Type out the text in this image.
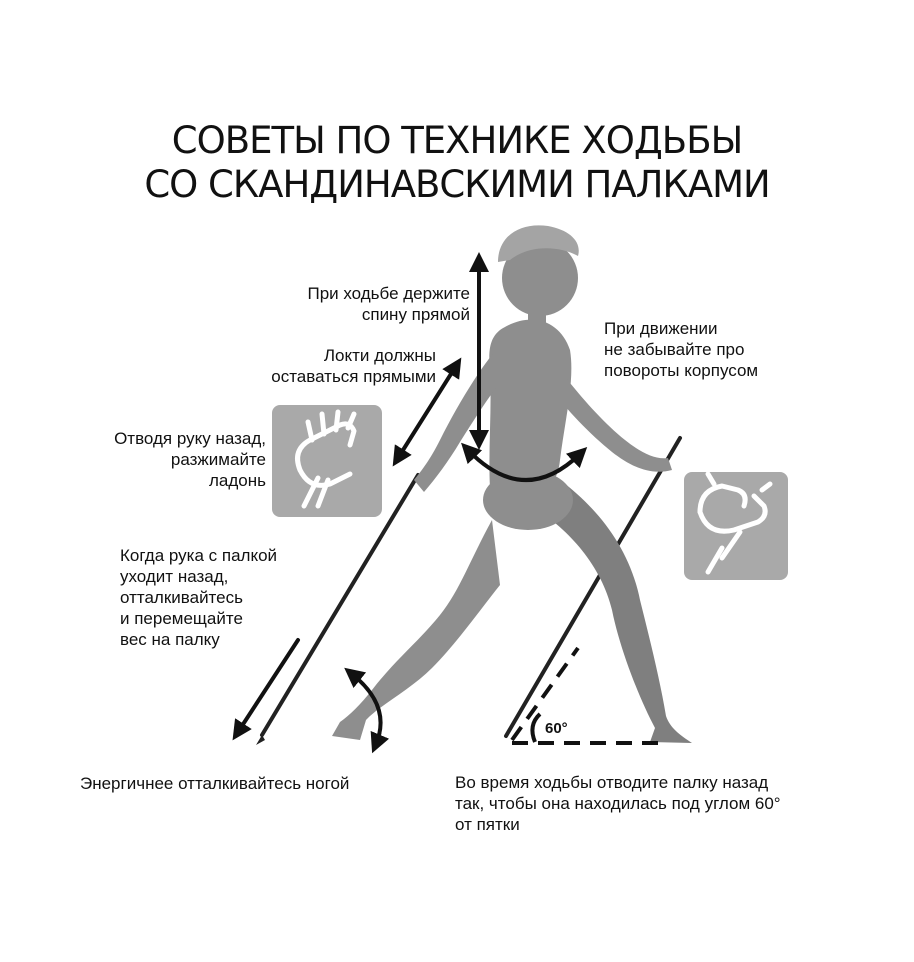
СОВЕТЫ ПО ТЕХНИКЕ ХОДЬБЫ
СО СКАНДИНАВСКИМИ ПАЛКАМИ
60°
При ходьбе держите
спину прямой
Локти должны
оставаться прямыми
При движении
не забывайте про
повороты корпусом
Отводя руку назад,
разжимайте
ладонь
Когда рука с палкой
уходит назад,
отталкивайтесь
и перемещайте
вес на палку
Энергичнее отталкивайтесь ногой	Во время ходьбы отводите палку назад
так, чтобы она находилась под углом 60°
от пятки
